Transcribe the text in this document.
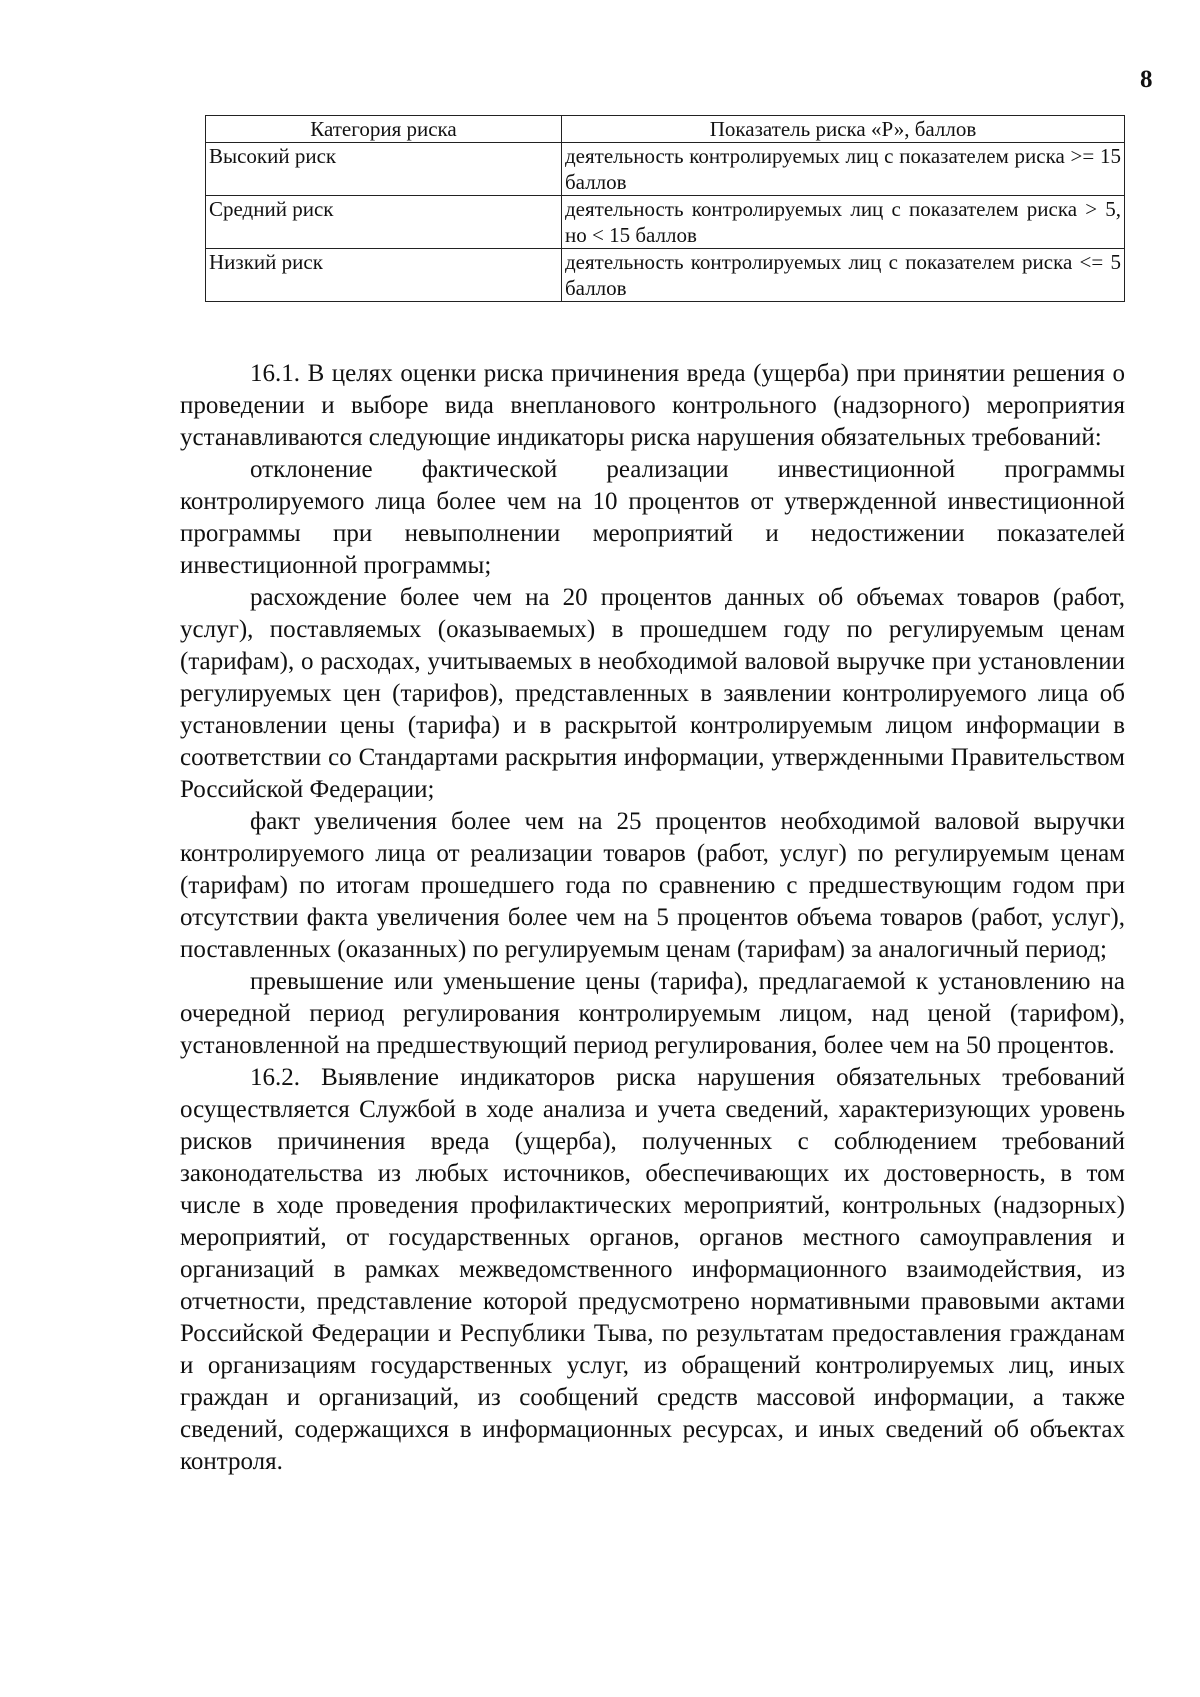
8
Категория риска	Показатель риска «Р», баллов
Высокий риск	деятельность контролируемых лиц с показателем риска >= 15 баллов
Средний риск	деятельность контролируемых лиц с показателем риска > 5, но < 15 баллов
Низкий риск	деятельность контролируемых лиц с показателем риска <= 5 баллов

16.1. В целях оценки риска причинения вреда (ущерба) при принятии решения о проведении и выборе вида внепланового контрольного (надзорного) мероприятия устанавливаются следующие индикаторы риска нарушения обязательных требований:

отклонение фактической реализации инвестиционной программы контролируемого лица более чем на 10 процентов от утвержденной инвестиционной программы при невыполнении мероприятий и недостижении показателей инвестиционной программы;

расхождение более чем на 20 процентов данных об объемах товаров (работ, услуг), поставляемых (оказываемых) в прошедшем году по регулируемым ценам (тарифам), о расходах, учитываемых в необходимой валовой выручке при установлении регулируемых цен (тарифов), представленных в заявлении контролируемого лица об установлении цены (тарифа) и в раскрытой контролируемым лицом информации в соответствии со Стандартами раскрытия информации, утвержденными Правительством Российской Федерации;

факт увеличения более чем на 25 процентов необходимой валовой выручки контролируемого лица от реализации товаров (работ, услуг) по регулируемым ценам (тарифам) по итогам прошедшего года по сравнению с предшествующим годом при отсутствии факта увеличения более чем на 5 процентов объема товаров (работ, услуг), поставленных (оказанных) по регулируемым ценам (тарифам) за аналогичный период;

превышение или уменьшение цены (тарифа), предлагаемой к установлению на очередной период регулирования контролируемым лицом, над ценой (тарифом), установленной на предшествующий период регулирования, более чем на 50 процентов.

16.2. Выявление индикаторов риска нарушения обязательных требований осуществляется Службой в ходе анализа и учета сведений, характеризующих уровень рисков причинения вреда (ущерба), полученных с соблюдением требований законодательства из любых источников, обеспечивающих их достоверность, в том числе в ходе проведения профилактических мероприятий, контрольных (надзорных) мероприятий, от государственных органов, органов местного самоуправления и организаций в рамках межведомственного информационного взаимодействия, из отчетности, представление которой предусмотрено нормативными правовыми актами Российской Федерации и Республики Тыва, по результатам предоставления гражданам и организациям государственных услуг, из обращений контролируемых лиц, иных граждан и организаций, из сообщений средств массовой информации, а также сведений, содержащихся в информационных ресурсах, и иных сведений об объектах контроля.
